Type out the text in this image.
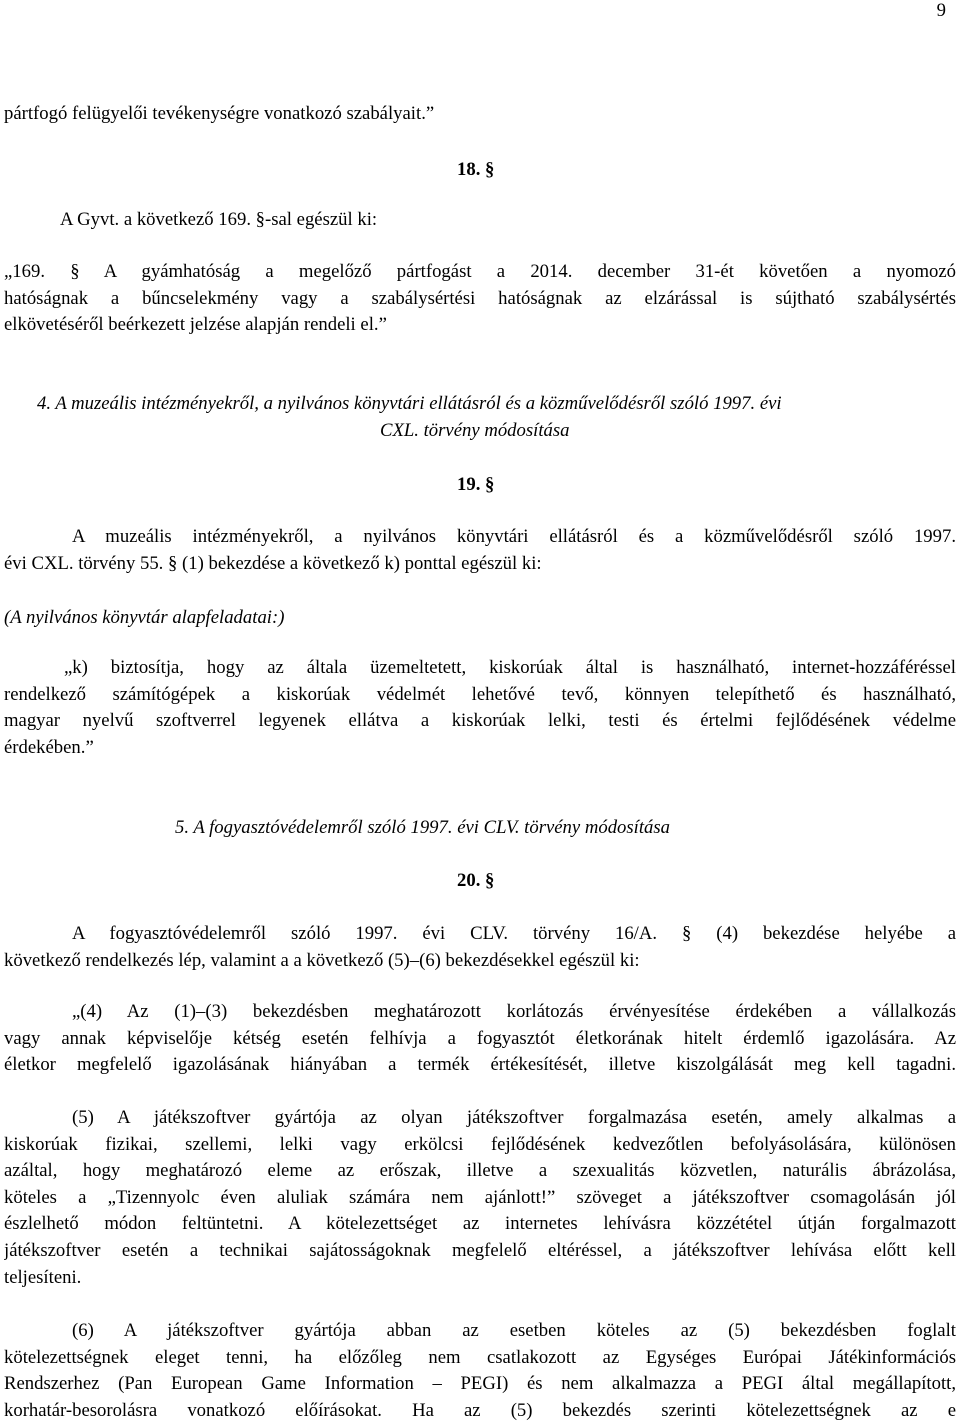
9
pártfogó felügyelői tevékenységre vonatkozó szabályait.”
18. §
A Gyvt. a következő 169. §-sal egészül ki:
„169. § A gyámhatóság a megelőző pártfogást a 2014. december 31-ét követően a nyomozó
hatóságnak a bűncselekmény vagy a szabálysértési hatóságnak az elzárással is sújtható szabálysértés
elkövetéséről beérkezett jelzése alapján rendeli el.”
4. A muzeális intézményekről, a nyilvános könyvtári ellátásról és a közművelődésről szóló 1997. évi
CXL. törvény módosítása
19. §
A muzeális intézményekről, a nyilvános könyvtári ellátásról és a közművelődésről szóló 1997.
évi CXL. törvény 55. § (1) bekezdése a következő k) ponttal egészül ki:
(A nyilvános könyvtár alapfeladatai:)
„k) biztosítja, hogy az általa üzemeltetett, kiskorúak által is használható, internet-hozzáféréssel
rendelkező számítógépek a kiskorúak védelmét lehetővé tevő, könnyen telepíthető és használható,
magyar nyelvű szoftverrel legyenek ellátva a kiskorúak lelki, testi és értelmi fejlődésének védelme
érdekében.”
5. A fogyasztóvédelemről szóló 1997. évi CLV. törvény módosítása
20. §
A fogyasztóvédelemről szóló 1997. évi CLV. törvény 16/A. § (4) bekezdése helyébe a
következő rendelkezés lép, valamint a a következő (5)–(6) bekezdésekkel egészül ki:
„(4) Az (1)–(3) bekezdésben meghatározott korlátozás érvényesítése érdekében a vállalkozás
vagy annak képviselője kétség esetén felhívja a fogyasztót életkorának hitelt érdemlő igazolására. Az
életkor megfelelő igazolásának hiányában a termék értékesítését, illetve kiszolgálását meg kell tagadni.
(5) A játékszoftver gyártója az olyan játékszoftver forgalmazása esetén, amely alkalmas a
kiskorúak fizikai, szellemi, lelki vagy erkölcsi fejlődésének kedvezőtlen befolyásolására, különösen
azáltal, hogy meghatározó eleme az erőszak, illetve a szexualitás közvetlen, naturális ábrázolása,
köteles a „Tizennyolc éven aluliak számára nem ajánlott!” szöveget a játékszoftver csomagolásán jól
észlelhető módon feltüntetni. A kötelezettséget az internetes lehívásra közzététel útján forgalmazott
játékszoftver esetén a technikai sajátosságoknak megfelelő eltéréssel, a játékszoftver lehívása előtt kell
teljesíteni.
(6) A játékszoftver gyártója abban az esetben köteles az (5) bekezdésben foglalt
kötelezettségnek eleget tenni, ha előzőleg nem csatlakozott az Egységes Európai Játékinformációs
Rendszerhez (Pan European Game Information – PEGI) és nem alkalmazza a PEGI által megállapított,
korhatár-besorolásra vonatkozó előírásokat. Ha az (5) bekezdés szerinti kötelezettségnek az e
